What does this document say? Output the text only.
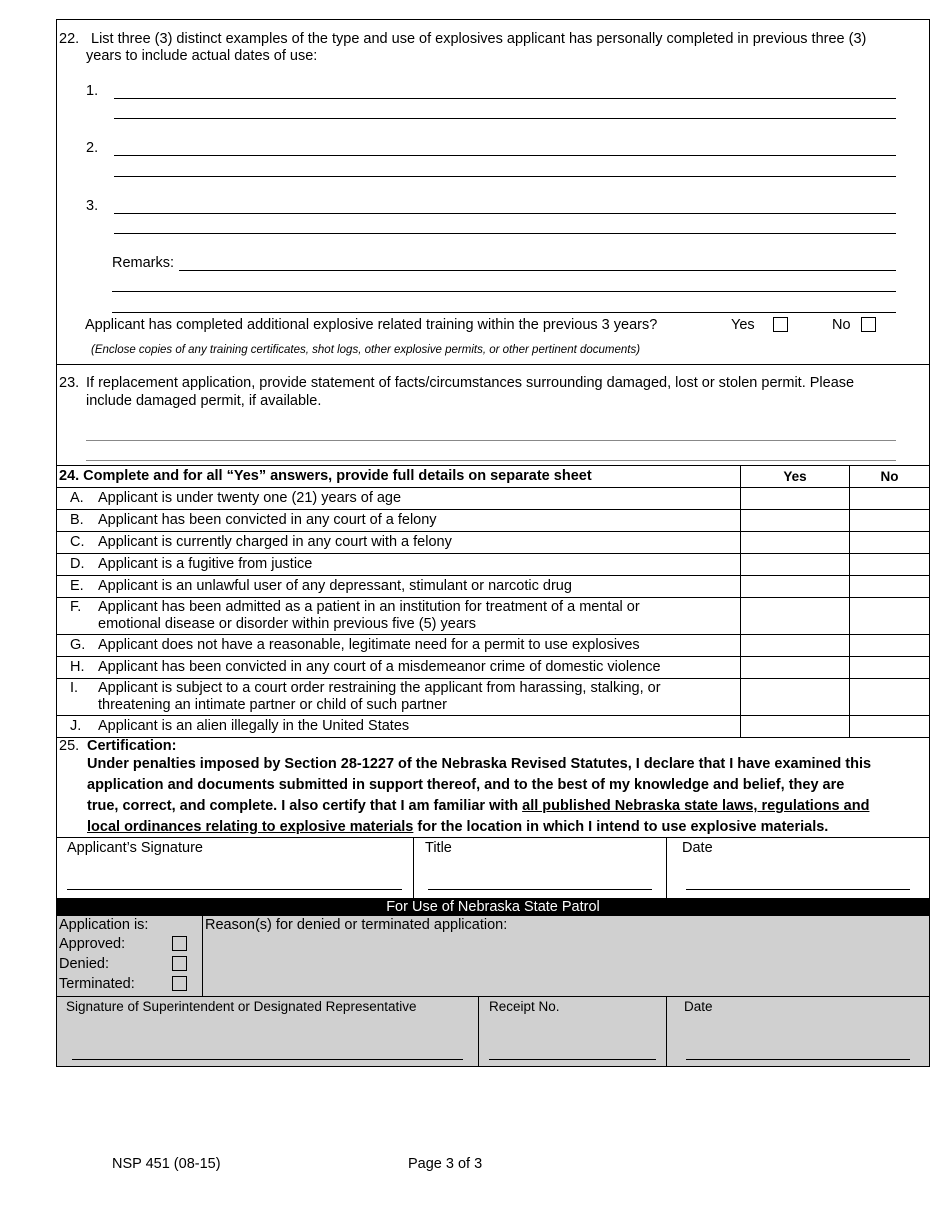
22. List three (3) distinct examples of the type and use of explosives applicant has personally completed in previous three (3)
years to include actual dates of use:
1.
2.
3.
Remarks:
Applicant has completed additional explosive related training within the previous 3 years?	Yes	No
(Enclose copies of any training certificates, shot logs, other explosive permits, or other pertinent documents)
23. If replacement application, provide statement of facts/circumstances surrounding damaged, lost or stolen permit. Please
include damaged permit, if available.
24. Complete and for all “Yes” answers, provide full details on separate sheet	Yes	No
A. Applicant is under twenty one (21) years of age
B. Applicant has been convicted in any court of a felony
C. Applicant is currently charged in any court with a felony
D. Applicant is a fugitive from justice
E. Applicant is an unlawful user of any depressant, stimulant or narcotic drug
F. Applicant has been admitted as a patient in an institution for treatment of a mental or
emotional disease or disorder within previous five (5) years
G. Applicant does not have a reasonable, legitimate need for a permit to use explosives
H. Applicant has been convicted in any court of a misdemeanor crime of domestic violence
I. Applicant is subject to a court order restraining the applicant from harassing, stalking, or
threatening an intimate partner or child of such partner
J. Applicant is an alien illegally in the United States
25. Certification:
Under penalties imposed by Section 28-1227 of the Nebraska Revised Statutes, I declare that I have examined this
application and documents submitted in support thereof, and to the best of my knowledge and belief, they are
true, correct, and complete. I also certify that I am familiar with all published Nebraska state laws, regulations and
local ordinances relating to explosive materials for the location in which I intend to use explosive materials.
Applicant’s Signature	Title	Date
For Use of Nebraska State Patrol
Application is:
Approved:
Denied:
Terminated:
Reason(s) for denied or terminated application:
Signature of Superintendent or Designated Representative	Receipt No.	Date
NSP 451 (08-15)	Page 3 of 3
